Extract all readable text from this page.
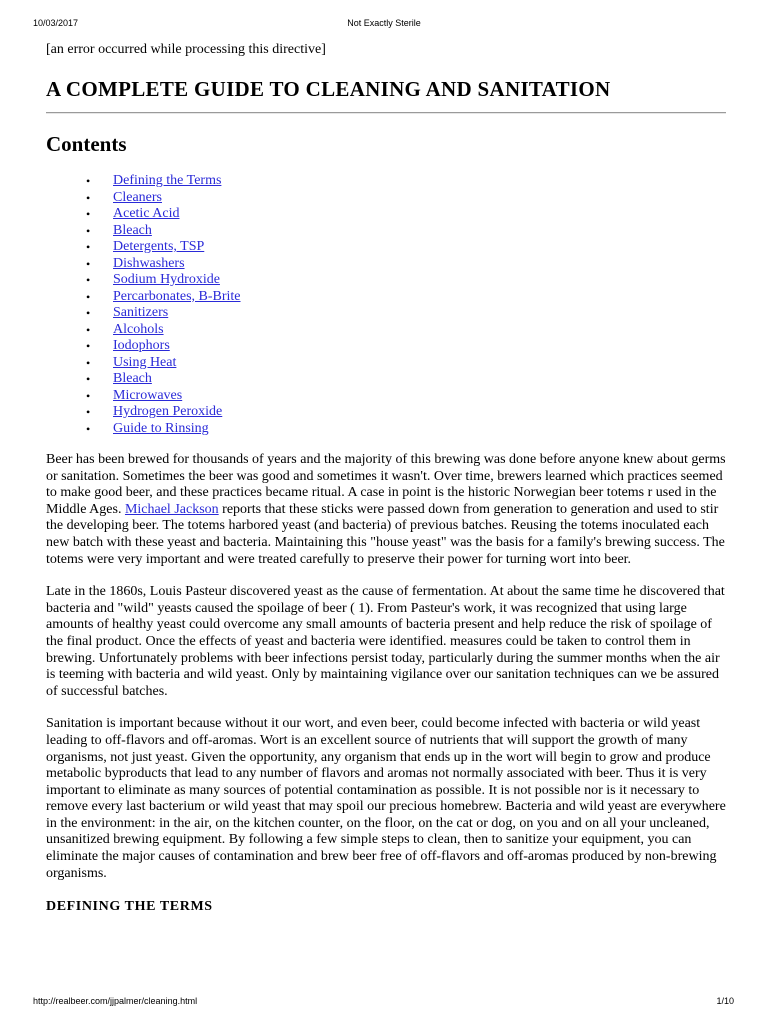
10/03/2017	Not Exactly Sterile

[an error occurred while processing this directive]

A COMPLETE GUIDE TO CLEANING AND SANITATION
Contents
• Defining the Terms
• Cleaners
• Acetic Acid
• Bleach
• Detergents, TSP
• Dishwashers
• Sodium Hydroxide
• Percarbonates, B-Brite
• Sanitizers
• Alcohols
• Iodophors
• Using Heat
• Bleach
• Microwaves
• Hydrogen Peroxide
• Guide to Rinsing

Beer has been brewed for thousands of years and the majority of this brewing was done before anyone knew about germs or sanitation. Sometimes the beer was good and sometimes it wasn't. Over time, brewers learned which practices seemed to make good beer, and these practices became ritual. A case in point is the historic Norwegian beer totems r used in the Middle Ages. Michael Jackson reports that these sticks were passed down from generation to generation and used to stir the developing beer. The totems harbored yeast (and bacteria) of previous batches. Reusing the totems inoculated each new batch with these yeast and bacteria. Maintaining this "house yeast" was the basis for a family's brewing success. The totems were very important and were treated carefully to preserve their power for turning wort into beer.

Late in the 1860s, Louis Pasteur discovered yeast as the cause of fermentation. At about the same time he discovered that bacteria and "wild" yeasts caused the spoilage of beer ( 1). From Pasteur's work, it was recognized that using large amounts of healthy yeast could overcome any small amounts of bacteria present and help reduce the risk of spoilage of the final product. Once the effects of yeast and bacteria were identified. measures could be taken to control them in brewing. Unfortunately problems with beer infections persist today, particularly during the summer months when the air is teeming with bacteria and wild yeast. Only by maintaining vigilance over our sanitation techniques can we be assured of successful batches.

Sanitation is important because without it our wort, and even beer, could become infected with bacteria or wild yeast leading to off-flavors and off-aromas. Wort is an excellent source of nutrients that will support the growth of many organisms, not just yeast. Given the opportunity, any organism that ends up in the wort will begin to grow and produce metabolic byproducts that lead to any number of flavors and aromas not normally associated with beer. Thus it is very important to eliminate as many sources of potential contamination as possible. It is not possible nor is it necessary to remove every last bacterium or wild yeast that may spoil our precious homebrew. Bacteria and wild yeast are everywhere in the environment: in the air, on the kitchen counter, on the floor, on the cat or dog, on you and on all your uncleaned, unsanitized brewing equipment. By following a few simple steps to clean, then to sanitize your equipment, you can eliminate the major causes of contamination and brew beer free of off-flavors and off-aromas produced by non-brewing organisms.

DEFINING THE TERMS
http://realbeer.com/jjpalmer/cleaning.html	1/10
